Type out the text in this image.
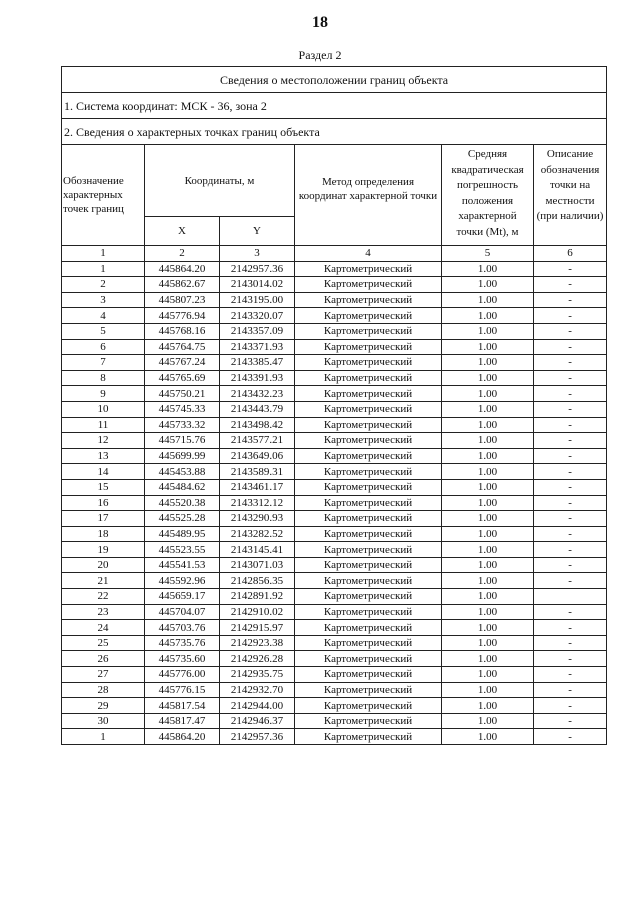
18
Раздел 2
Сведения о местоположении границ объекта					
1. Система координат: МСК - 36, зона 2					
2. Сведения о характерных точках границ объекта					
Обозначение характерных точек границ	Координаты, м		Метод определения координат характерной точки	Средняя квадратическая погрешность положения характерной точки (Mt), м	Описание обозначения точки на местности (при наличии)
	X	Y			
1	2	3	4	5	6
1	445864.20	2142957.36	Картометрический	1.00	-
2	445862.67	2143014.02	Картометрический	1.00	-
3	445807.23	2143195.00	Картометрический	1.00	-
4	445776.94	2143320.07	Картометрический	1.00	-
5	445768.16	2143357.09	Картометрический	1.00	-
6	445764.75	2143371.93	Картометрический	1.00	-
7	445767.24	2143385.47	Картометрический	1.00	-
8	445765.69	2143391.93	Картометрический	1.00	-
9	445750.21	2143432.23	Картометрический	1.00	-
10	445745.33	2143443.79	Картометрический	1.00	-
11	445733.32	2143498.42	Картометрический	1.00	-
12	445715.76	2143577.21	Картометрический	1.00	-
13	445699.99	2143649.06	Картометрический	1.00	-
14	445453.88	2143589.31	Картометрический	1.00	-
15	445484.62	2143461.17	Картометрический	1.00	-
16	445520.38	2143312.12	Картометрический	1.00	-
17	445525.28	2143290.93	Картометрический	1.00	-
18	445489.95	2143282.52	Картометрический	1.00	-
19	445523.55	2143145.41	Картометрический	1.00	-
20	445541.53	2143071.03	Картометрический	1.00	-
21	445592.96	2142856.35	Картометрический	1.00	-
22	445659.17	2142891.92	Картометрический	1.00	
23	445704.07	2142910.02	Картометрический	1.00	-
24	445703.76	2142915.97	Картометрический	1.00	-
25	445735.76	2142923.38	Картометрический	1.00	-
26	445735.60	2142926.28	Картометрический	1.00	-
27	445776.00	2142935.75	Картометрический	1.00	-
28	445776.15	2142932.70	Картометрический	1.00	-
29	445817.54	2142944.00	Картометрический	1.00	-
30	445817.47	2142946.37	Картометрический	1.00	-
1	445864.20	2142957.36	Картометрический	1.00	-
